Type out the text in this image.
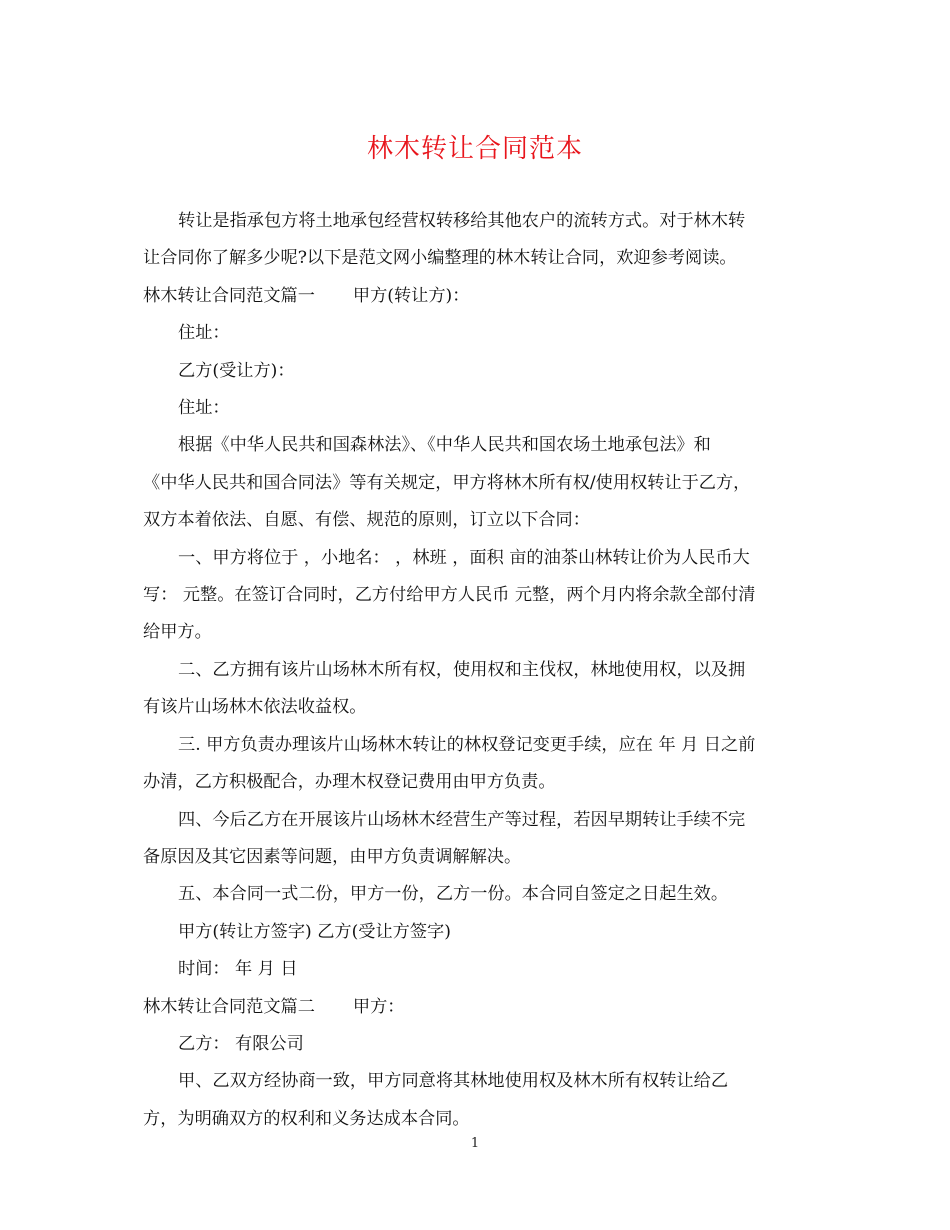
林木转让合同范本

转让是指承包方将土地承包经营权转移给其他农户的流转方式。对于林木转

让合同你了解多少呢?以下是范文网小编整理的林木转让合同，欢迎参考阅读。

林木转让合同范文篇一 甲方(转让方)：

住址：

乙方(受让方)：

住址：

根据《中华人民共和国森林法》、《中华人民共和国农场土地承包法》和

《中华人民共和国合同法》等有关规定，甲方将林木所有权/使用权转让于乙方，

双方本着依法、自愿、有偿、规范的原则，订立以下合同：

一、甲方将位于 ，小地名： ，林班 ，面积 亩的油茶山林转让价为人民币大

写： 元整。在签订合同时，乙方付给甲方人民币 元整，两个月内将余款全部付清

给甲方。

二、乙方拥有该片山场林木所有权，使用权和主伐权，林地使用权，以及拥

有该片山场林木依法收益权。

三. 甲方负责办理该片山场林木转让的林权登记变更手续，应在 年 月 日之前

办清，乙方积极配合，办理木权登记费用由甲方负责。

四、今后乙方在开展该片山场林木经营生产等过程，若因早期转让手续不完

备原因及其它因素等问题，由甲方负责调解解决。

五、本合同一式二份，甲方一份，乙方一份。本合同自签定之日起生效。

甲方(转让方签字) 乙方(受让方签字)

时间： 年 月 日

林木转让合同范文篇二 甲方：

乙方： 有限公司

甲、乙双方经协商一致，甲方同意将其林地使用权及林木所有权转让给乙

方，为明确双方的权利和义务达成本合同。

1
